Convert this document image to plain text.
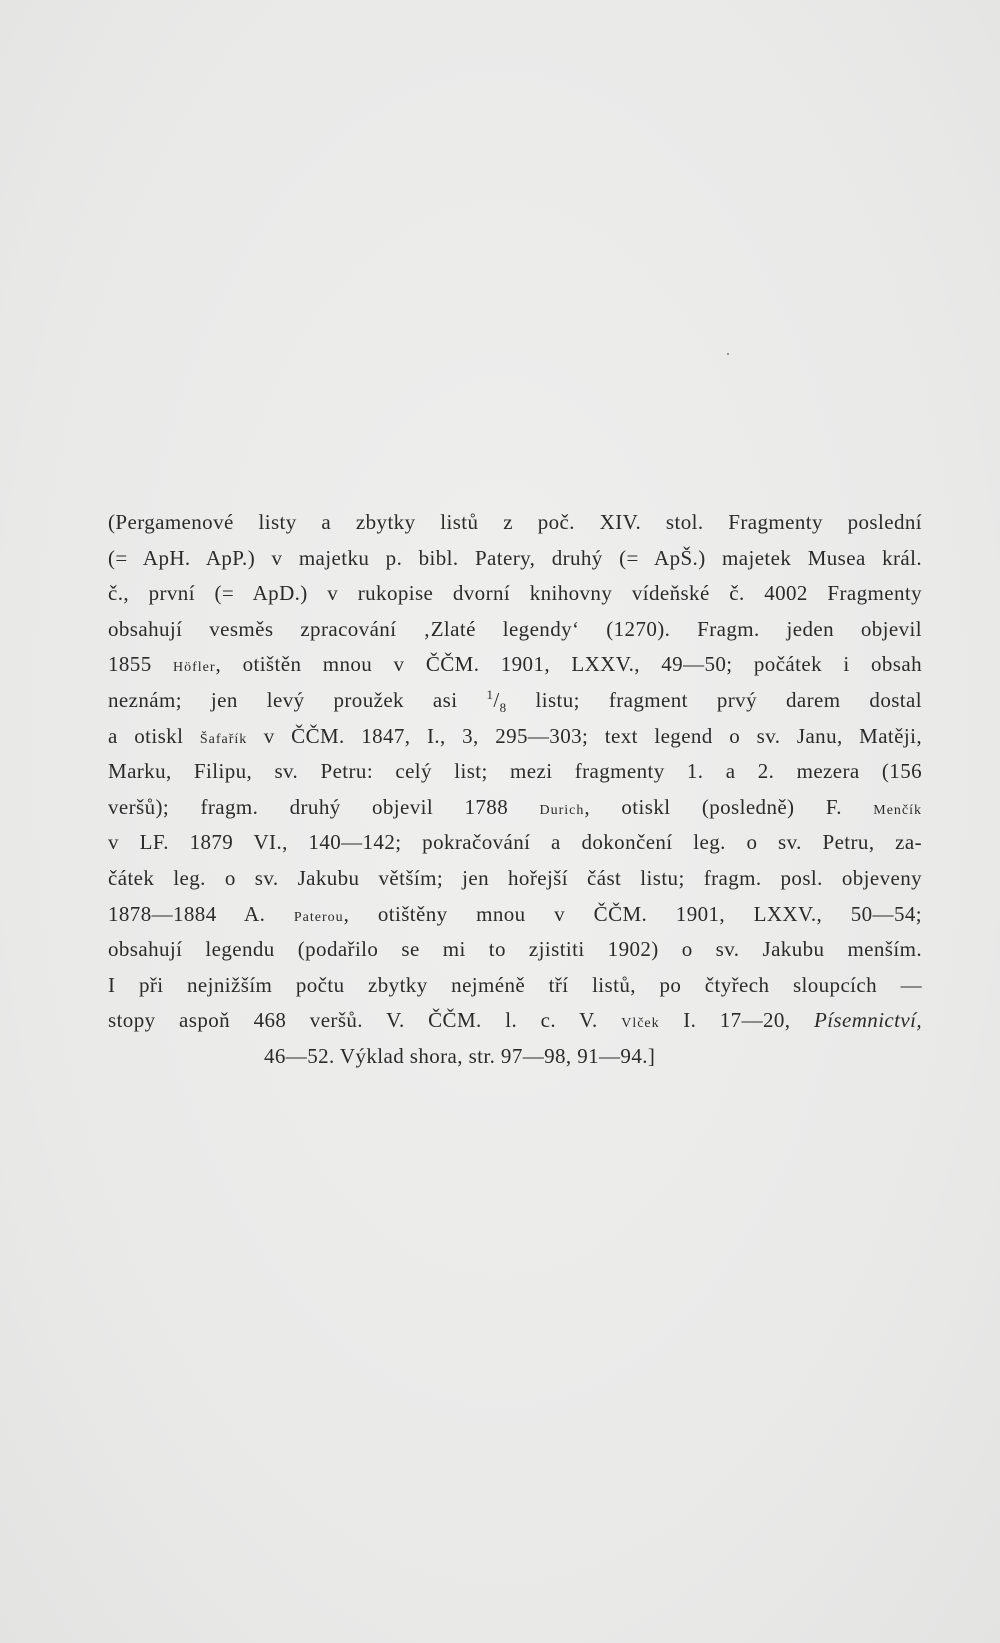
(Pergamenové listy a zbytky listů z poč. XIV. stol. Fragmenty poslední
(= ApH. ApP.) v majetku p. bibl. Patery, druhý (= ApŠ.) majetek Musea král.
č., první (= ApD.) v rukopise dvorní knihovny vídeňské č. 4002 Fragmenty
obsahují vesměs zpracování ‚Zlaté legendy‘ (1270). Fragm. jeden objevil
1855 Höfler, otištěn mnou v ČČM. 1901, LXXV., 49—50; počátek i obsah
neznám; jen levý proužek asi $^1/_8$ listu; fragment prvý darem dostal
a otiskl Šafařík v ČČM. 1847, I., 3, 295—303; text legend o sv. Janu, Matěji,
Marku, Filipu, sv. Petru: celý list; mezi fragmenty 1. a 2. mezera (156
veršů); fragm. druhý objevil 1788 Durich, otiskl (posledně) F. Menčík
v LF. 1879 VI., 140—142; pokračování a dokončení leg. o sv. Petru, za-
čátek leg. o sv. Jakubu větším; jen hořejší část listu; fragm. posl. objeveny
1878—1884 A. Paterou, otištěny mnou v ČČM. 1901, LXXV., 50—54;
obsahují legendu (podařilo se mi to zjistiti 1902) o sv. Jakubu menším.
I při nejnižším počtu zbytky nejméně tří listů, po čtyřech sloupcích —
stopy aspoň 468 veršů. V. ČČM. l. c. V. Vlček I. 17—20, Písemnictví,
46—52. Výklad shora, str. 97—98, 91—94.]
